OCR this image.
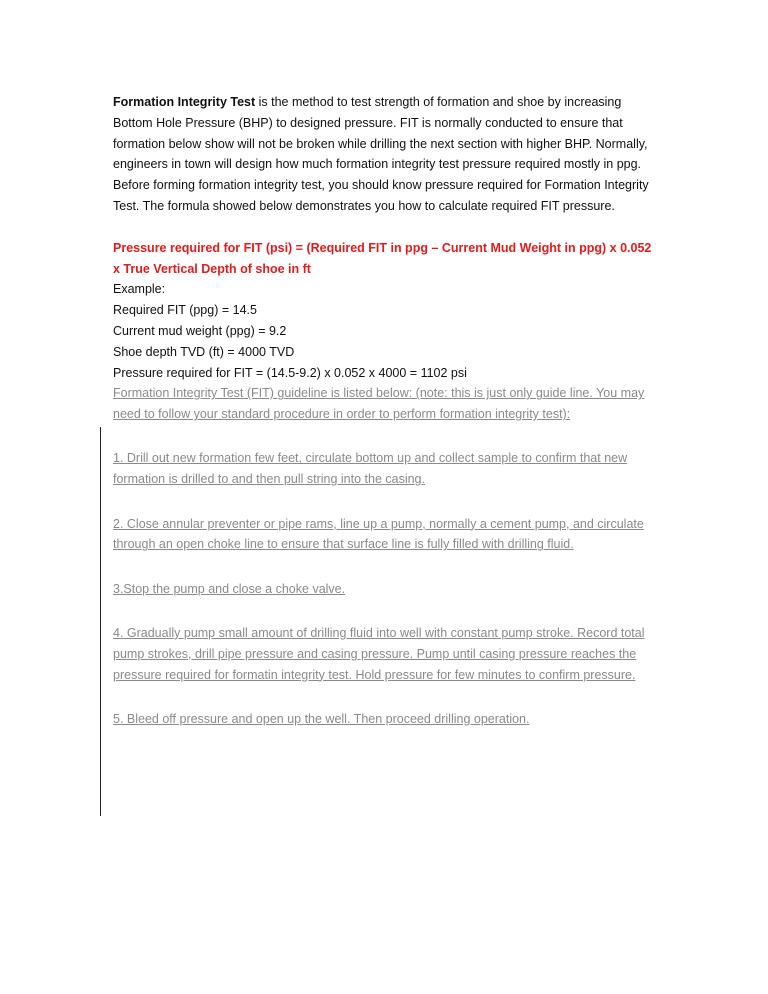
Formation Integrity Test is the method to test strength of formation and shoe by increasing Bottom Hole Pressure (BHP) to designed pressure. FIT is normally conducted to ensure that formation below show will not be broken while drilling the next section with higher BHP. Normally, engineers in town will design how much formation integrity test pressure required mostly in ppg.

Before forming formation integrity test, you should know pressure required for Formation Integrity Test. The formula showed below demonstrates you how to calculate required FIT pressure.

Pressure required for FIT (psi) = (Required FIT in ppg – Current Mud Weight in ppg) x 0.052 x True Vertical Depth of shoe in ft

Example:

Required FIT (ppg) = 14.5

Current mud weight (ppg) = 9.2

Shoe depth TVD (ft) = 4000 TVD

Pressure required for FIT = (14.5-9.2) x 0.052 x 4000 = 1102 psi

Formation Integrity Test (FIT) guideline is listed below: (note: this is just only guide line. You may need to follow your standard procedure in order to perform formation integrity test):

1. Drill out new formation few feet, circulate bottom up and collect sample to confirm that new formation is drilled to and then pull string into the casing.

2. Close annular preventer or pipe rams, line up a pump, normally a cement pump, and circulate through an open choke line to ensure that surface line is fully filled with drilling fluid.

3.Stop the pump and close a choke valve.

4. Gradually pump small amount of drilling fluid into well with constant pump stroke. Record total pump strokes, drill pipe pressure and casing pressure. Pump until casing pressure reaches the pressure required for formatin integrity test. Hold pressure for few minutes to confirm pressure.

5. Bleed off pressure and open up the well. Then proceed drilling operation.
